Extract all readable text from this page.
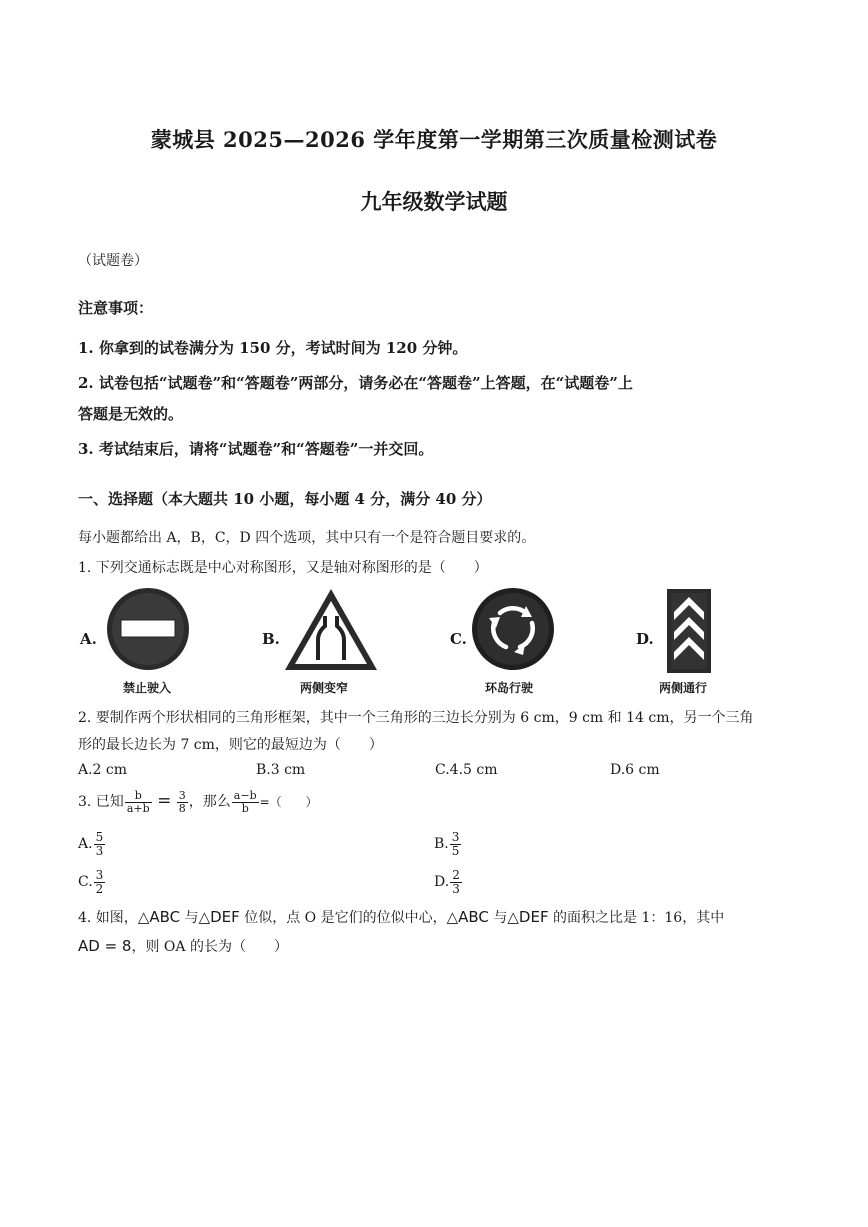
蒙城县 2025—2026 学年度第一学期第三次质量检测试卷
九年级数学试题
（试题卷）
注意事项：
1. 你拿到的试卷满分为 150 分，考试时间为 120 分钟。
2. 试卷包括“试题卷”和“答题卷”两部分，请务必在“答题卷”上答题，在“试题卷”上
答题是无效的。
3. 考试结束后，请将“试题卷”和“答题卷”一并交回。
一、选择题（本大题共 10 小题，每小题 4 分，满分 40 分）
每小题都给出 A，B，C，D 四个选项，其中只有一个是符合题目要求的。
1. 下列交通标志既是中心对称图形，又是轴对称图形的是（　　）
A.
禁止驶入
B.
两侧变窄
C.
环岛行驶
D.
两侧通行
2. 要制作两个形状相同的三角形框架，其中一个三角形的三边长分别为 6 cm，9 cm 和 14 cm，另一个三角
形的最长边长为 7 cm，则它的最短边为（　　）
A.2 cm	B.3 cm	C.4.5 cm	D.6 cm
3. 已知 $\frac{b}{a+b} = \frac{3}{8}$ ，那么 $\frac{a-b}{b}$ =（　　）
A. $\frac{5}{3}$	B. $\frac{3}{5}$
C. $\frac{3}{2}$	D. $\frac{2}{3}$
4. 如图，△ABC 与△DEF 位似，点 O 是它们的位似中心，△ABC 与△DEF 的面积之比是 1：16，其中
AD = 8，则 OA 的长为（　　）
